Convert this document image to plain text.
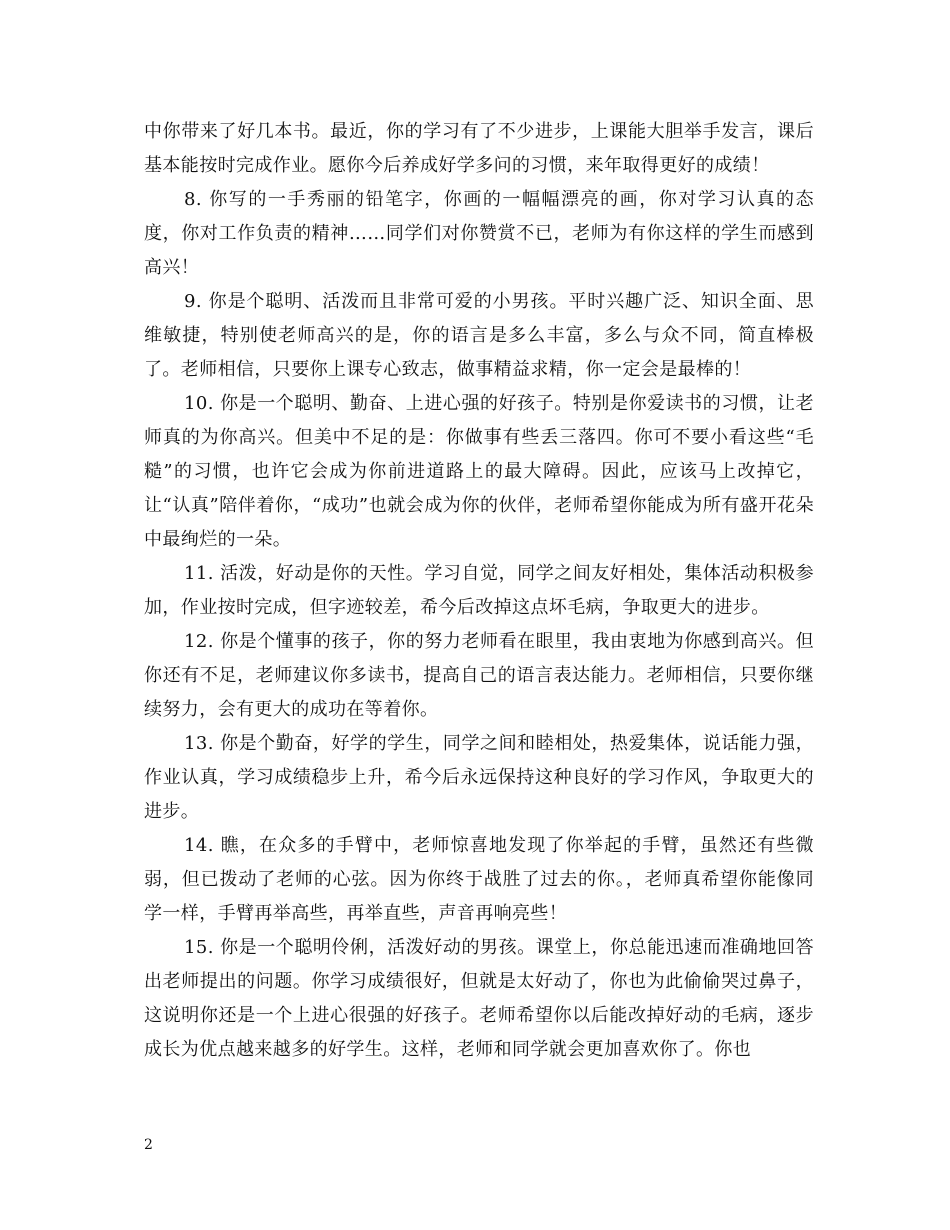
中你带来了好几本书。最近，你的学习有了不少进步，上课能大胆举手发言，课后基本能按时完成作业。愿你今后养成好学多问的习惯，来年取得更好的成绩！

8. 你写的一手秀丽的铅笔字，你画的一幅幅漂亮的画，你对学习认真的态度，你对工作负责的精神……同学们对你赞赏不已，老师为有你这样的学生而感到高兴！

9. 你是个聪明、活泼而且非常可爱的小男孩。平时兴趣广泛、知识全面、思维敏捷，特别使老师高兴的是，你的语言是多么丰富，多么与众不同，简直棒极了。老师相信，只要你上课专心致志，做事精益求精，你一定会是最棒的！

10. 你是一个聪明、勤奋、上进心强的好孩子。特别是你爱读书的习惯，让老师真的为你高兴。但美中不足的是：你做事有些丢三落四。你可不要小看这些“毛糙”的习惯，也许它会成为你前进道路上的最大障碍。因此，应该马上改掉它，让“认真”陪伴着你，“成功”也就会成为你的伙伴，老师希望你能成为所有盛开花朵中最绚烂的一朵。

11. 活泼，好动是你的天性。学习自觉，同学之间友好相处，集体活动积极参加，作业按时完成，但字迹较差，希今后改掉这点坏毛病，争取更大的进步。

12. 你是个懂事的孩子，你的努力老师看在眼里，我由衷地为你感到高兴。但你还有不足，老师建议你多读书，提高自己的语言表达能力。老师相信，只要你继续努力，会有更大的成功在等着你。

13. 你是个勤奋，好学的学生，同学之间和睦相处，热爱集体，说话能力强，作业认真，学习成绩稳步上升，希今后永远保持这种良好的学习作风，争取更大的进步。

14. 瞧，在众多的手臂中，老师惊喜地发现了你举起的手臂，虽然还有些微弱，但已拨动了老师的心弦。因为你终于战胜了过去的你。，老师真希望你能像同学一样，手臂再举高些，再举直些，声音再响亮些！

15. 你是一个聪明伶俐，活泼好动的男孩。课堂上，你总能迅速而准确地回答出老师提出的问题。你学习成绩很好，但就是太好动了，你也为此偷偷哭过鼻子，这说明你还是一个上进心很强的好孩子。老师希望你以后能改掉好动的毛病，逐步成长为优点越来越多的好学生。这样，老师和同学就会更加喜欢你了。你也

2
